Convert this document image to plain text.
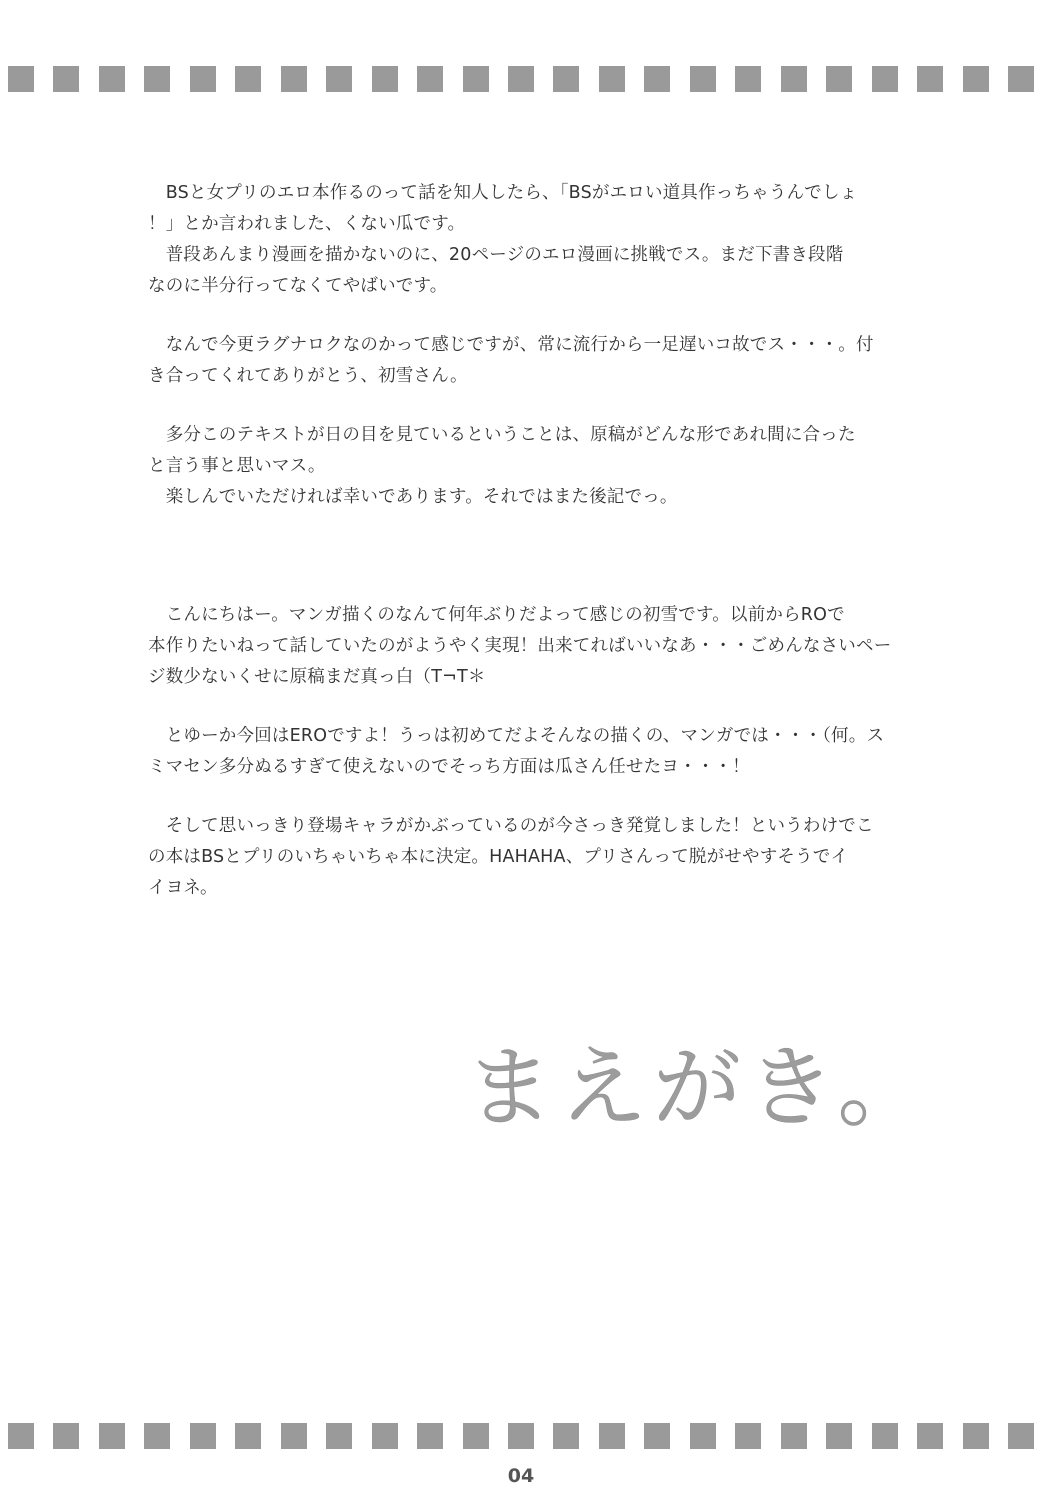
　BSと女プリのエロ本作るのって話を知人したら、「BSがエロい道具作っちゃうんでしょ
！」とか言われました、くない瓜です。
　普段あんまり漫画を描かないのに、20ページのエロ漫画に挑戦でス。まだ下書き段階
なのに半分行ってなくてやばいです。

　なんで今更ラグナロクなのかって感じですが、常に流行から一足遅いコ故でス・・・。付
き合ってくれてありがとう、初雪さん。

　多分このテキストが日の目を見ているということは、原稿がどんな形であれ間に合った
と言う事と思いマス。
　楽しんでいただければ幸いであります。それではまた後記でっ。

　こんにちはー。マンガ描くのなんて何年ぶりだよって感じの初雪です。以前からROで
本作りたいねって話していたのがようやく実現！出来てればいいなあ・・・ごめんなさいペー
ジ数少ないくせに原稿まだ真っ白（T¬T＊

　とゆーか今回はEROですよ！うっは初めてだよそんなの描くの、マンガでは・・・（何。ス
ミマセン多分ぬるすぎて使えないのでそっち方面は瓜さん任せたヨ・・・！

　そして思いっきり登場キャラがかぶっているのが今さっき発覚しました！というわけでこ
の本はBSとプリのいちゃいちゃ本に決定。HAHAHA、プリさんって脱がせやすそうでイ
イヨネ。

まえがき。
04
